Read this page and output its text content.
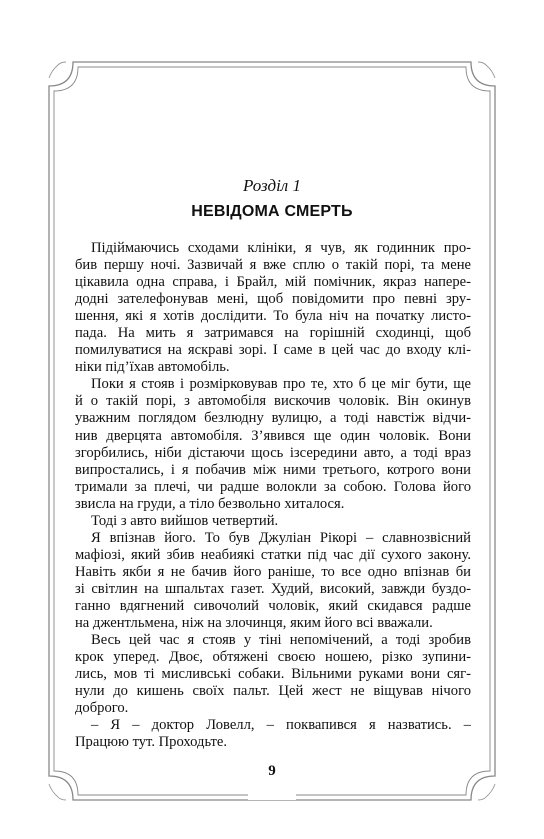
Розділ 1
НЕВІДОМА СМЕРТЬ
Підіймаючись сходами клініки, я чув, як годинник про-
бив першу ночі. Зазвичай я вже сплю о такій порі, та мене
цікавила одна справа, і Брайл, мій помічник, якраз напере-
додні зателефонував мені, щоб повідомити про певні зру-
шення, які я хотів дослідити. То була ніч на початку листо-
пада. На мить я затримався на горішній сходинці, щоб
помилуватися на яскраві зорі. І саме в цей час до входу клі-
ніки під’їхав автомобіль.
Поки я стояв і розмірковував про те, хто б це міг бути, ще
й о такій порі, з автомобіля вискочив чоловік. Він окинув
уважним поглядом безлюдну вулицю, а тоді навстіж відчи-
нив дверцята автомобіля. З’явився ще один чоловік. Вони
згорбились, ніби дістаючи щось ізсередини авто, а тоді враз
випростались, і я побачив між ними третього, котрого вони
тримали за плечі, чи радше волокли за собою. Голова його
звисла на груди, а тіло безвольно хиталося.
Тоді з авто вийшов четвертий.
Я впізнав його. То був Джуліан Рікорі – славнозвісний
мафіозі, який збив неабиякі статки під час дії сухого закону.
Навіть якби я не бачив його раніше, то все одно впізнав би
зі світлин на шпальтах газет. Худий, високий, завжди буздо-
ганно вдягнений сивочолий чоловік, який скидався радше
на джентльмена, ніж на злочинця, яким його всі вважали.
Весь цей час я стояв у тіні непомічений, а тоді зробив
крок уперед. Двоє, обтяжені своєю ношею, різко зупини-
лись, мов ті мисливські собаки. Вільними руками вони сяг-
нули до кишень своїх пальт. Цей жест не віщував нічого
доброго.
– Я – доктор Ловелл, – поквапився я назватись. –
Працюю тут. Проходьте.
9
